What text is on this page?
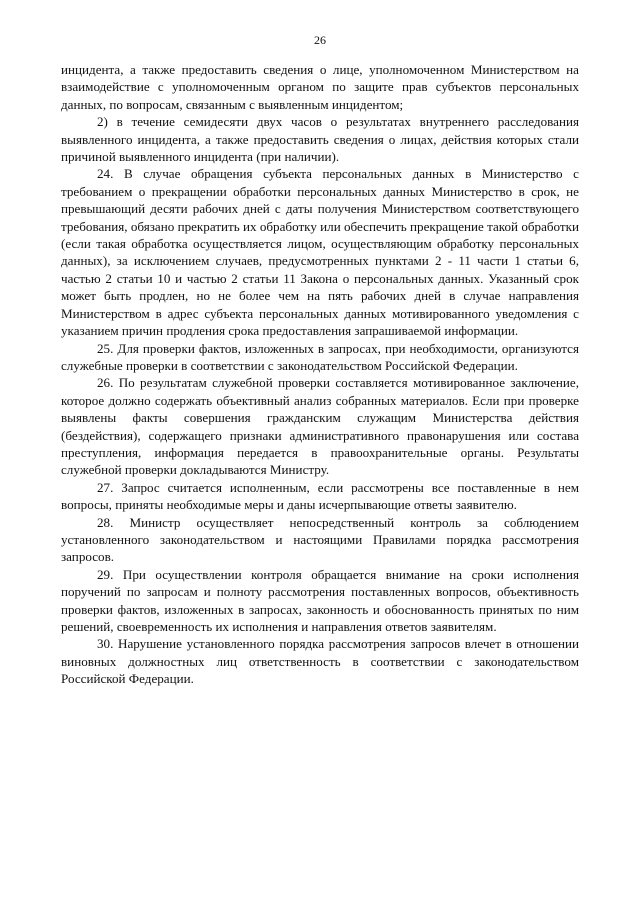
26

инцидента, а также предоставить сведения о лице, уполномоченном Министерством на взаимодействие с уполномоченным органом по защите прав субъектов персональных данных, по вопросам, связанным с выявленным инцидентом;

2) в течение семидесяти двух часов о результатах внутреннего расследования выявленного инцидента, а также предоставить сведения о лицах, действия которых стали причиной выявленного инцидента (при наличии).

24. В случае обращения субъекта персональных данных в Министерство с требованием о прекращении обработки персональных данных Министерство в срок, не превышающий десяти рабочих дней с даты получения Министерством соответствующего требования, обязано прекратить их обработку или обеспечить прекращение такой обработки (если такая обработка осуществляется лицом, осуществляющим обработку персональных данных), за исключением случаев, предусмотренных пунктами 2 - 11 части 1 статьи 6, частью 2 статьи 10 и частью 2 статьи 11 Закона о персональных данных. Указанный срок может быть продлен, но не более чем на пять рабочих дней в случае направления Министерством в адрес субъекта персональных данных мотивированного уведомления с указанием причин продления срока предоставления запрашиваемой информации.

25. Для проверки фактов, изложенных в запросах, при необходимости, организуются служебные проверки в соответствии с законодательством Российской Федерации.

26. По результатам служебной проверки составляется мотивированное заключение, которое должно содержать объективный анализ собранных материалов. Если при проверке выявлены факты совершения гражданским служащим Министерства действия (бездействия), содержащего признаки административного правонарушения или состава преступления, информация передается в правоохранительные органы. Результаты служебной проверки докладываются Министру.

27. Запрос считается исполненным, если рассмотрены все поставленные в нем вопросы, приняты необходимые меры и даны исчерпывающие ответы заявителю.

28. Министр осуществляет непосредственный контроль за соблюдением установленного законодательством и настоящими Правилами порядка рассмотрения запросов.

29. При осуществлении контроля обращается внимание на сроки исполнения поручений по запросам и полноту рассмотрения поставленных вопросов, объективность проверки фактов, изложенных в запросах, законность и обоснованность принятых по ним решений, своевременность их исполнения и направления ответов заявителям.

30. Нарушение установленного порядка рассмотрения запросов влечет в отношении виновных должностных лиц ответственность в соответствии с законодательством Российской Федерации.
